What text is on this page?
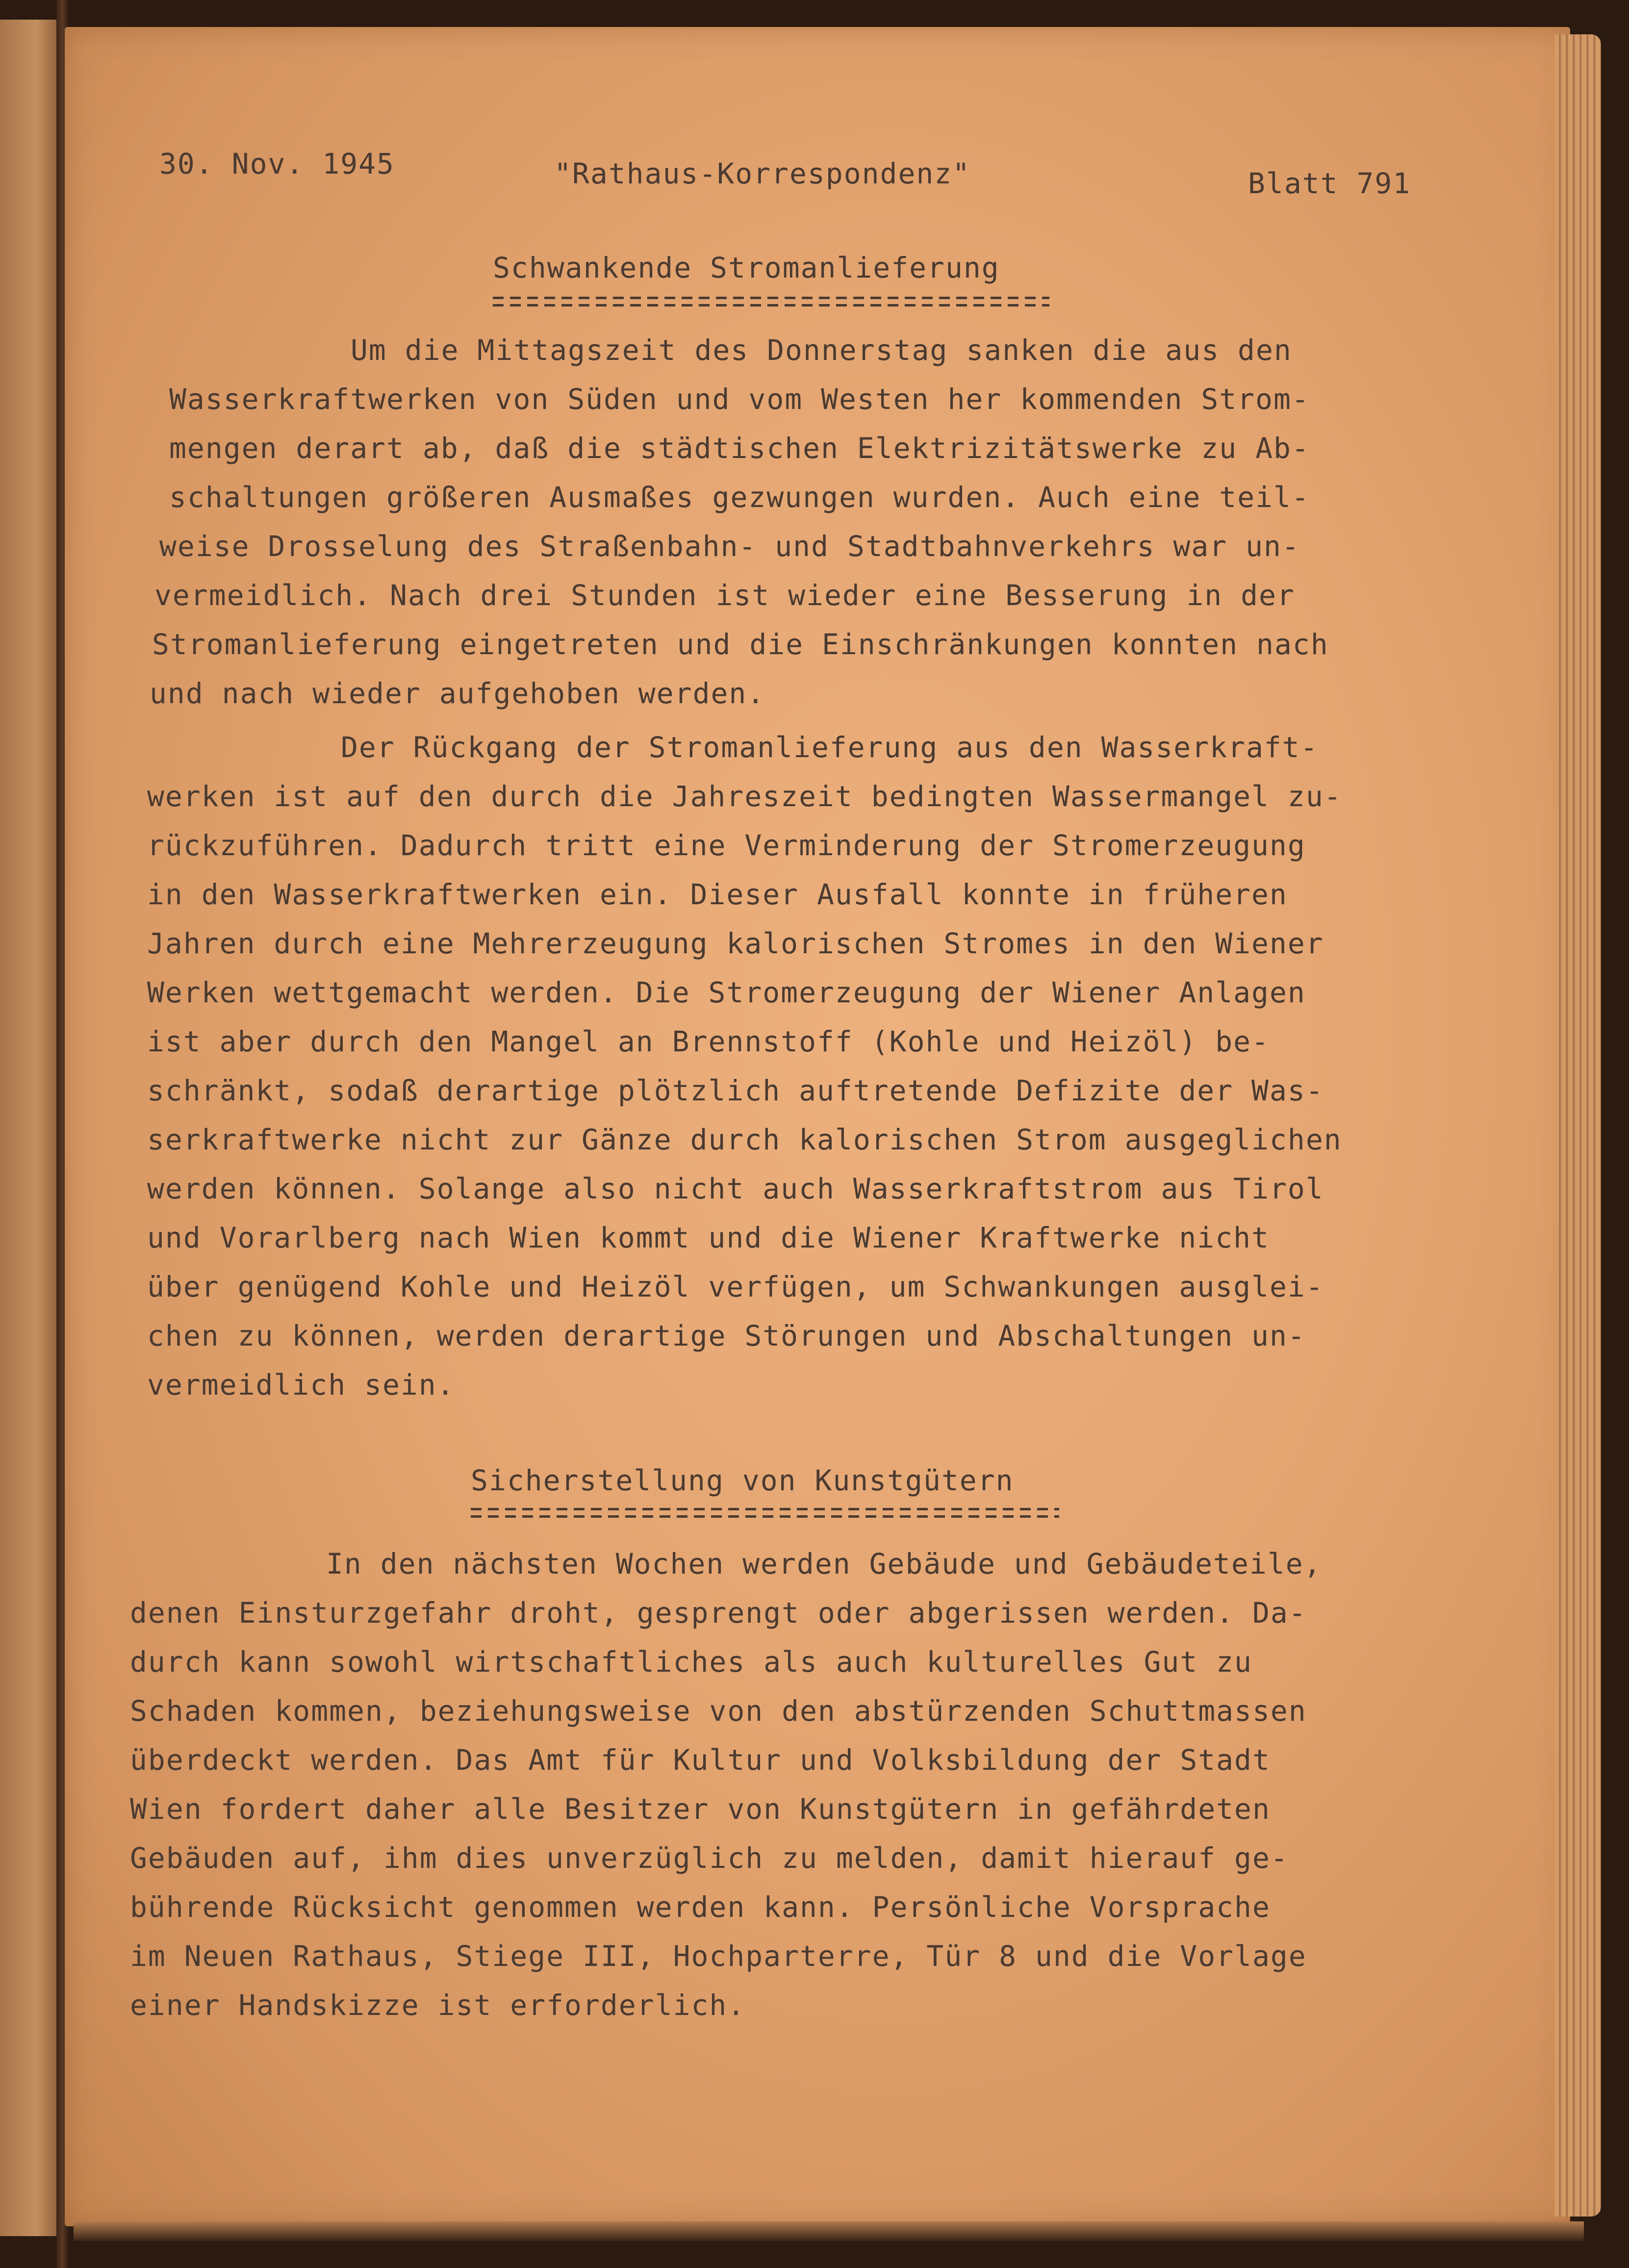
30. Nov. 1945	"Rathaus-Korrespondenz"	Blatt 791
Schwankende Stromanlieferung
Um die Mittagszeit des Donnerstag sanken die aus den
Wasserkraftwerken von Süden und vom Westen her kommenden Strom-
mengen derart ab, daß die städtischen Elektrizitätswerke zu Ab-
schaltungen größeren Ausmaßes gezwungen wurden. Auch eine teil-
weise Drosselung des Straßenbahn- und Stadtbahnverkehrs war un-
vermeidlich. Nach drei Stunden ist wieder eine Besserung in der
Stromanlieferung eingetreten und die Einschränkungen konnten nach
und nach wieder aufgehoben werden.
Der Rückgang der Stromanlieferung aus den Wasserkraft-
werken ist auf den durch die Jahreszeit bedingten Wassermangel zu-
rückzuführen. Dadurch tritt eine Verminderung der Stromerzeugung
in den Wasserkraftwerken ein. Dieser Ausfall konnte in früheren
Jahren durch eine Mehrerzeugung kalorischen Stromes in den Wiener
Werken wettgemacht werden. Die Stromerzeugung der Wiener Anlagen
ist aber durch den Mangel an Brennstoff (Kohle und Heizöl) be-
schränkt, sodaß derartige plötzlich auftretende Defizite der Was-
serkraftwerke nicht zur Gänze durch kalorischen Strom ausgeglichen
werden können. Solange also nicht auch Wasserkraftstrom aus Tirol
und Vorarlberg nach Wien kommt und die Wiener Kraftwerke nicht
über genügend Kohle und Heizöl verfügen, um Schwankungen ausglei-
chen zu können, werden derartige Störungen und Abschaltungen un-
vermeidlich sein.
Sicherstellung von Kunstgütern
In den nächsten Wochen werden Gebäude und Gebäudeteile,
denen Einsturzgefahr droht, gesprengt oder abgerissen werden. Da-
durch kann sowohl wirtschaftliches als auch kulturelles Gut zu
Schaden kommen, beziehungsweise von den abstürzenden Schuttmassen
überdeckt werden. Das Amt für Kultur und Volksbildung der Stadt
Wien fordert daher alle Besitzer von Kunstgütern in gefährdeten
Gebäuden auf, ihm dies unverzüglich zu melden, damit hierauf ge-
bührende Rücksicht genommen werden kann. Persönliche Vorsprache
im Neuen Rathaus, Stiege III, Hochparterre, Tür 8 und die Vorlage
einer Handskizze ist erforderlich.
